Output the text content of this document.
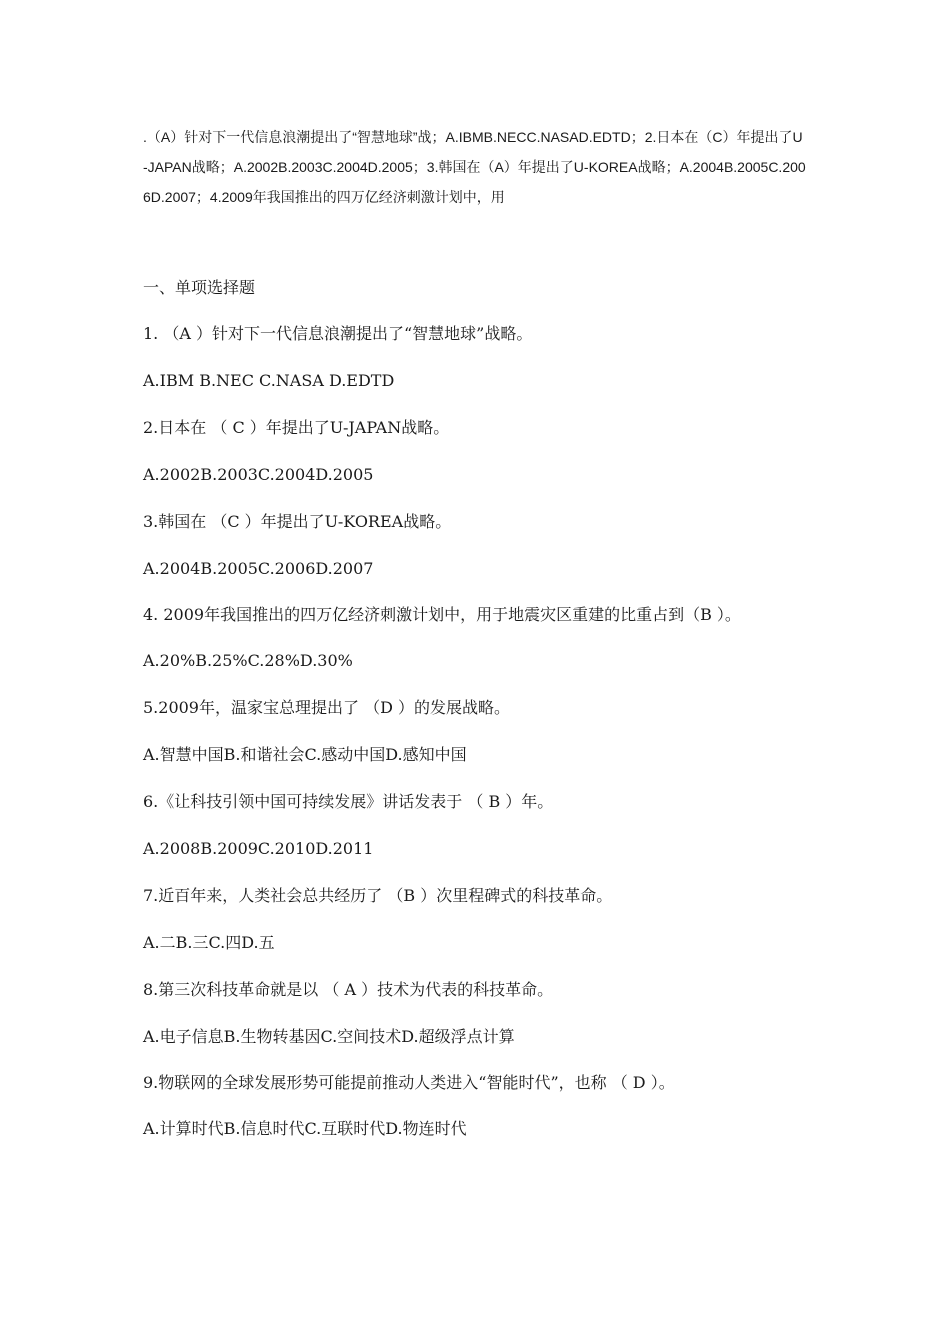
.（A）针对下一代信息浪潮提出了“智慧地球”战；A.IBMB.NECC.NASAD.EDTD；2.日本在（C）年提出了U-JAPAN战略；A.2002B.2003C.2004D.2005；3.韩国在（A）年提出了U-KOREA战略；A.2004B.2005C.2006D.2007；4.2009年我国推出的四万亿经济刺激计划中，用

一、单项选择题

1. （A ）针对下一代信息浪潮提出了“智慧地球”战略。

A.IBM B.NEC C.NASA D.EDTD

2.日本在 （ C ）年提出了U-JAPAN战略。

A.2002B.2003C.2004D.2005

3.韩国在 （C ）年提出了U-KOREA战略。

A.2004B.2005C.2006D.2007

4. 2009年我国推出的四万亿经济刺激计划中，用于地震灾区重建的比重占到（B ）。

A.20%B.25%C.28%D.30%

5.2009年，温家宝总理提出了 （D ）的发展战略。

A.智慧中国B.和谐社会C.感动中国D.感知中国

6.《让科技引领中国可持续发展》讲话发表于 （ B ）年。

A.2008B.2009C.2010D.2011

7.近百年来，人类社会总共经历了 （B ）次里程碑式的科技革命。

A.二B.三C.四D.五

8.第三次科技革命就是以 （ A ）技术为代表的科技革命。

A.电子信息B.生物转基因C.空间技术D.超级浮点计算

9.物联网的全球发展形势可能提前推动人类进入“智能时代”，也称 （ D ）。

A.计算时代B.信息时代C.互联时代D.物连时代
